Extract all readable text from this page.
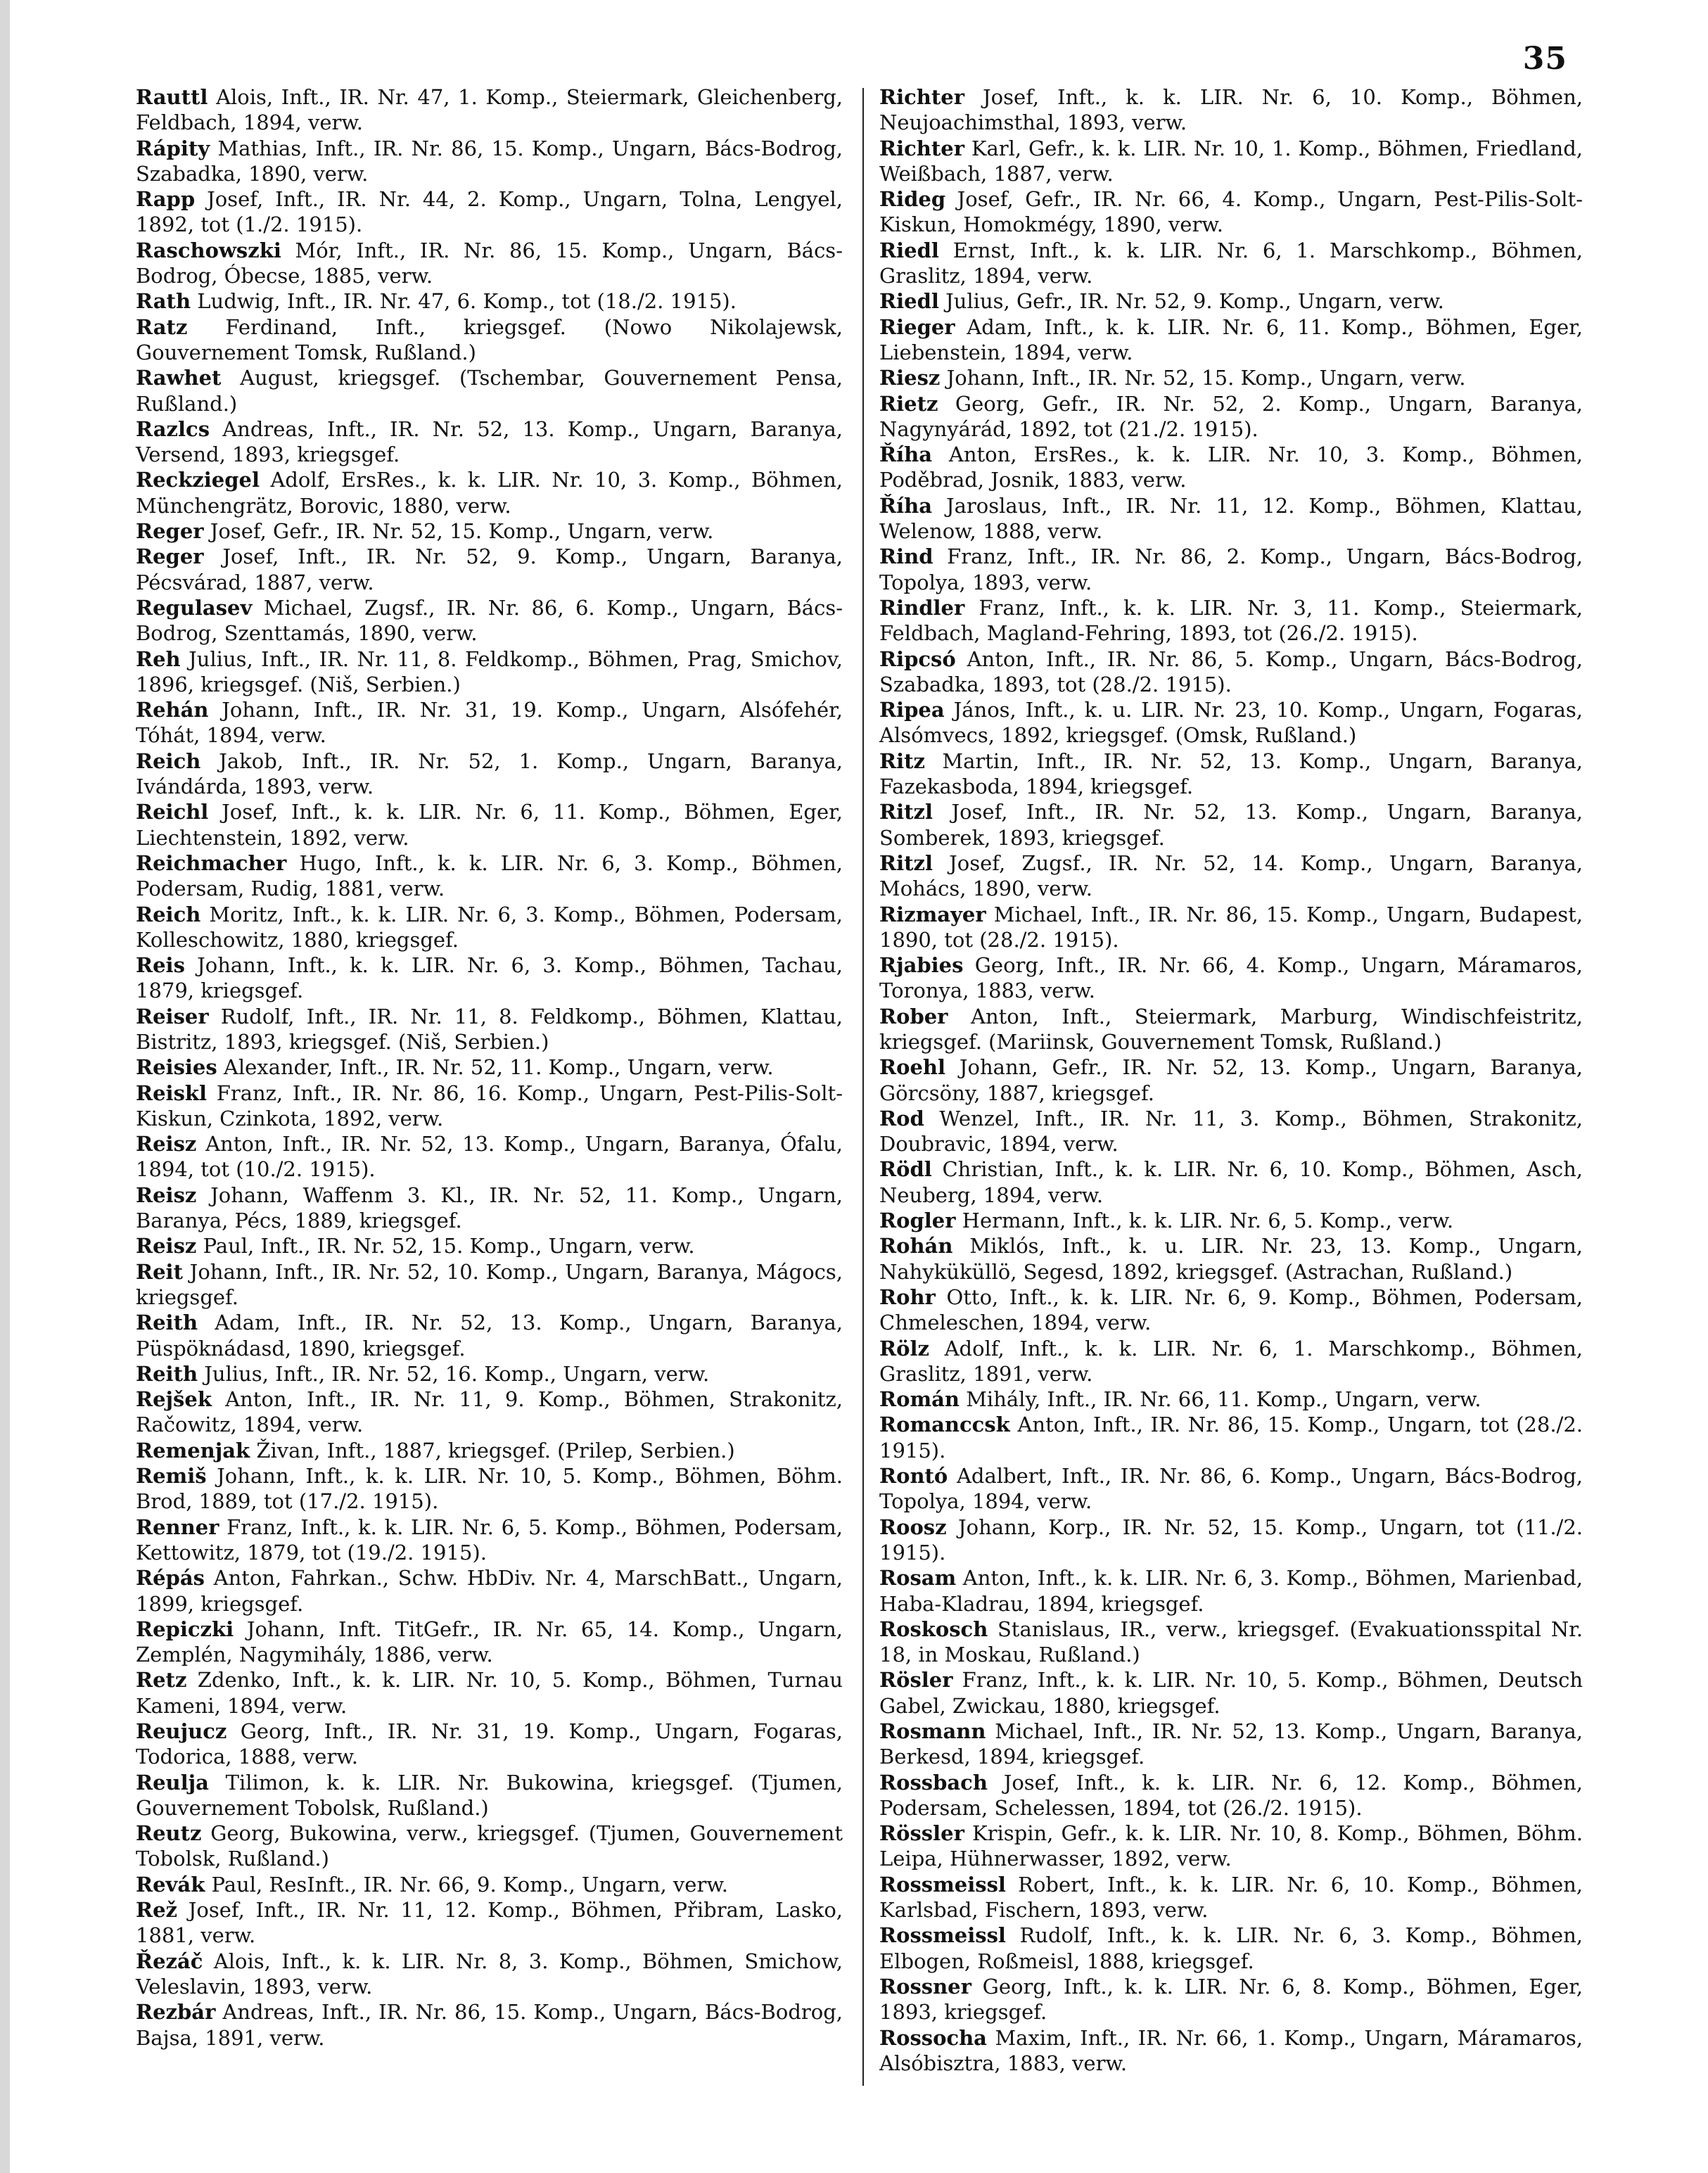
35

Rauttl Alois, Inft., IR. Nr. 47, 1. Komp., Steiermark, Gleichenberg, Feldbach, 1894, verw.

Rápity Mathias, Inft., IR. Nr. 86, 15. Komp., Ungarn, Bács-Bodrog, Szabadka, 1890, verw.

Rapp Josef, Inft., IR. Nr. 44, 2. Komp., Ungarn, Tolna, Lengyel, 1892, tot (1./2. 1915).

Raschowszki Mór, Inft., IR. Nr. 86, 15. Komp., Ungarn, Bács-Bodrog, Óbecse, 1885, verw.

Rath Ludwig, Inft., IR. Nr. 47, 6. Komp., tot (18./2. 1915).

Ratz Ferdinand, Inft., kriegsgef. (Nowo Nikolajewsk, Gouvernement Tomsk, Rußland.)

Rawhet August, kriegsgef. (Tschembar, Gouvernement Pensa, Rußland.)

Razlcs Andreas, Inft., IR. Nr. 52, 13. Komp., Ungarn, Baranya, Versend, 1893, kriegsgef.

Reckziegel Adolf, ErsRes., k. k. LIR. Nr. 10, 3. Komp., Böhmen, Münchengrätz, Borovic, 1880, verw.

Reger Josef, Gefr., IR. Nr. 52, 15. Komp., Ungarn, verw.

Reger Josef, Inft., IR. Nr. 52, 9. Komp., Ungarn, Baranya, Pécsvárad, 1887, verw.

Regulasev Michael, Zugsf., IR. Nr. 86, 6. Komp., Ungarn, Bács-Bodrog, Szenttamás, 1890, verw.

Reh Julius, Inft., IR. Nr. 11, 8. Feldkomp., Böhmen, Prag, Smichov, 1896, kriegsgef. (Niš, Serbien.)

Rehán Johann, Inft., IR. Nr. 31, 19. Komp., Ungarn, Alsófehér, Tóhát, 1894, verw.

Reich Jakob, Inft., IR. Nr. 52, 1. Komp., Ungarn, Baranya, Ivándárda, 1893, verw.

Reichl Josef, Inft., k. k. LIR. Nr. 6, 11. Komp., Böhmen, Eger, Liechtenstein, 1892, verw.

Reichmacher Hugo, Inft., k. k. LIR. Nr. 6, 3. Komp., Böhmen, Podersam, Rudig, 1881, verw.

Reich Moritz, Inft., k. k. LIR. Nr. 6, 3. Komp., Böhmen, Podersam, Kolleschowitz, 1880, kriegsgef.

Reis Johann, Inft., k. k. LIR. Nr. 6, 3. Komp., Böhmen, Tachau, 1879, kriegsgef.

Reiser Rudolf, Inft., IR. Nr. 11, 8. Feldkomp., Böhmen, Klattau, Bistritz, 1893, kriegsgef. (Niš, Serbien.)

Reisies Alexander, Inft., IR. Nr. 52, 11. Komp., Ungarn, verw.

Reiskl Franz, Inft., IR. Nr. 86, 16. Komp., Ungarn, Pest-Pilis-Solt-Kiskun, Czinkota, 1892, verw.

Reisz Anton, Inft., IR. Nr. 52, 13. Komp., Ungarn, Baranya, Ófalu, 1894, tot (10./2. 1915).

Reisz Johann, Waffenm 3. Kl., IR. Nr. 52, 11. Komp., Ungarn, Baranya, Pécs, 1889, kriegsgef.

Reisz Paul, Inft., IR. Nr. 52, 15. Komp., Ungarn, verw.

Reit Johann, Inft., IR. Nr. 52, 10. Komp., Ungarn, Baranya, Mágocs, kriegsgef.

Reith Adam, Inft., IR. Nr. 52, 13. Komp., Ungarn, Baranya, Püspöknádasd, 1890, kriegsgef.

Reith Julius, Inft., IR. Nr. 52, 16. Komp., Ungarn, verw.

Rejšek Anton, Inft., IR. Nr. 11, 9. Komp., Böhmen, Strakonitz, Račowitz, 1894, verw.

Remenjak Živan, Inft., 1887, kriegsgef. (Prilep, Serbien.)

Remiš Johann, Inft., k. k. LIR. Nr. 10, 5. Komp., Böhmen, Böhm. Brod, 1889, tot (17./2. 1915).

Renner Franz, Inft., k. k. LIR. Nr. 6, 5. Komp., Böhmen, Podersam, Kettowitz, 1879, tot (19./2. 1915).

Répás Anton, Fahrkan., Schw. HbDiv. Nr. 4, MarschBatt., Ungarn, 1899, kriegsgef.

Repiczki Johann, Inft. TitGefr., IR. Nr. 65, 14. Komp., Ungarn, Zemplén, Nagymihály, 1886, verw.

Retz Zdenko, Inft., k. k. LIR. Nr. 10, 5. Komp., Böhmen, Turnau Kameni, 1894, verw.

Reujucz Georg, Inft., IR. Nr. 31, 19. Komp., Ungarn, Fogaras, Todorica, 1888, verw.

Reulja Tilimon, k. k. LIR. Nr. Bukowina, kriegsgef. (Tjumen, Gouvernement Tobolsk, Rußland.)

Reutz Georg, Bukowina, verw., kriegsgef. (Tjumen, Gouvernement Tobolsk, Rußland.)

Revák Paul, ResInft., IR. Nr. 66, 9. Komp., Ungarn, verw.

Rež Josef, Inft., IR. Nr. 11, 12. Komp., Böhmen, Přibram, Lasko, 1881, verw.

Řezáč Alois, Inft., k. k. LIR. Nr. 8, 3. Komp., Böhmen, Smichow, Veleslavin, 1893, verw.

Rezbár Andreas, Inft., IR. Nr. 86, 15. Komp., Ungarn, Bács-Bodrog, Bajsa, 1891, verw.

Richter Josef, Inft., k. k. LIR. Nr. 6, 10. Komp., Böhmen, Neujoachimsthal, 1893, verw.

Richter Karl, Gefr., k. k. LIR. Nr. 10, 1. Komp., Böhmen, Friedland, Weißbach, 1887, verw.

Rideg Josef, Gefr., IR. Nr. 66, 4. Komp., Ungarn, Pest-Pilis-Solt-Kiskun, Homokmégy, 1890, verw.

Riedl Ernst, Inft., k. k. LIR. Nr. 6, 1. Marschkomp., Böhmen, Graslitz, 1894, verw.

Riedl Julius, Gefr., IR. Nr. 52, 9. Komp., Ungarn, verw.

Rieger Adam, Inft., k. k. LIR. Nr. 6, 11. Komp., Böhmen, Eger, Liebenstein, 1894, verw.

Riesz Johann, Inft., IR. Nr. 52, 15. Komp., Ungarn, verw.

Rietz Georg, Gefr., IR. Nr. 52, 2. Komp., Ungarn, Baranya, Nagynyárád, 1892, tot (21./2. 1915).

Říha Anton, ErsRes., k. k. LIR. Nr. 10, 3. Komp., Böhmen, Poděbrad, Josnik, 1883, verw.

Říha Jaroslaus, Inft., IR. Nr. 11, 12. Komp., Böhmen, Klattau, Welenow, 1888, verw.

Rind Franz, Inft., IR. Nr. 86, 2. Komp., Ungarn, Bács-Bodrog, Topolya, 1893, verw.

Rindler Franz, Inft., k. k. LIR. Nr. 3, 11. Komp., Steiermark, Feldbach, Magland-Fehring, 1893, tot (26./2. 1915).

Ripcsó Anton, Inft., IR. Nr. 86, 5. Komp., Ungarn, Bács-Bodrog, Szabadka, 1893, tot (28./2. 1915).

Ripea János, Inft., k. u. LIR. Nr. 23, 10. Komp., Ungarn, Fogaras, Alsómvecs, 1892, kriegsgef. (Omsk, Rußland.)

Ritz Martin, Inft., IR. Nr. 52, 13. Komp., Ungarn, Baranya, Fazekasboda, 1894, kriegsgef.

Ritzl Josef, Inft., IR. Nr. 52, 13. Komp., Ungarn, Baranya, Somberek, 1893, kriegsgef.

Ritzl Josef, Zugsf., IR. Nr. 52, 14. Komp., Ungarn, Baranya, Mohács, 1890, verw.

Rizmayer Michael, Inft., IR. Nr. 86, 15. Komp., Ungarn, Budapest, 1890, tot (28./2. 1915).

Rjabies Georg, Inft., IR. Nr. 66, 4. Komp., Ungarn, Máramaros, Toronya, 1883, verw.

Rober Anton, Inft., Steiermark, Marburg, Windischfeistritz, kriegsgef. (Mariinsk, Gouvernement Tomsk, Rußland.)

Roehl Johann, Gefr., IR. Nr. 52, 13. Komp., Ungarn, Baranya, Görcsöny, 1887, kriegsgef.

Rod Wenzel, Inft., IR. Nr. 11, 3. Komp., Böhmen, Strakonitz, Doubravic, 1894, verw.

Rödl Christian, Inft., k. k. LIR. Nr. 6, 10. Komp., Böhmen, Asch, Neuberg, 1894, verw.

Rogler Hermann, Inft., k. k. LIR. Nr. 6, 5. Komp., verw.

Rohán Miklós, Inft., k. u. LIR. Nr. 23, 13. Komp., Ungarn, Nahyküküllö, Segesd, 1892, kriegsgef. (Astrachan, Rußland.)

Rohr Otto, Inft., k. k. LIR. Nr. 6, 9. Komp., Böhmen, Podersam, Chmeleschen, 1894, verw.

Rölz Adolf, Inft., k. k. LIR. Nr. 6, 1. Marschkomp., Böhmen, Graslitz, 1891, verw.

Román Mihály, Inft., IR. Nr. 66, 11. Komp., Ungarn, verw.

Romanccsk Anton, Inft., IR. Nr. 86, 15. Komp., Ungarn, tot (28./2. 1915).

Rontó Adalbert, Inft., IR. Nr. 86, 6. Komp., Ungarn, Bács-Bodrog, Topolya, 1894, verw.

Roosz Johann, Korp., IR. Nr. 52, 15. Komp., Ungarn, tot (11./2. 1915).

Rosam Anton, Inft., k. k. LIR. Nr. 6, 3. Komp., Böhmen, Marienbad, Haba-Kladrau, 1894, kriegsgef.

Roskosch Stanislaus, IR., verw., kriegsgef. (Evakuationsspital Nr. 18, in Moskau, Rußland.)

Rösler Franz, Inft., k. k. LIR. Nr. 10, 5. Komp., Böhmen, Deutsch Gabel, Zwickau, 1880, kriegsgef.

Rosmann Michael, Inft., IR. Nr. 52, 13. Komp., Ungarn, Baranya, Berkesd, 1894, kriegsgef.

Rossbach Josef, Inft., k. k. LIR. Nr. 6, 12. Komp., Böhmen, Podersam, Schelessen, 1894, tot (26./2. 1915).

Rössler Krispin, Gefr., k. k. LIR. Nr. 10, 8. Komp., Böhmen, Böhm. Leipa, Hühnerwasser, 1892, verw.

Rossmeissl Robert, Inft., k. k. LIR. Nr. 6, 10. Komp., Böhmen, Karlsbad, Fischern, 1893, verw.

Rossmeissl Rudolf, Inft., k. k. LIR. Nr. 6, 3. Komp., Böhmen, Elbogen, Roßmeisl, 1888, kriegsgef.

Rossner Georg, Inft., k. k. LIR. Nr. 6, 8. Komp., Böhmen, Eger, 1893, kriegsgef.

Rossocha Maxim, Inft., IR. Nr. 66, 1. Komp., Ungarn, Máramaros, Alsóbisztra, 1883, verw.
